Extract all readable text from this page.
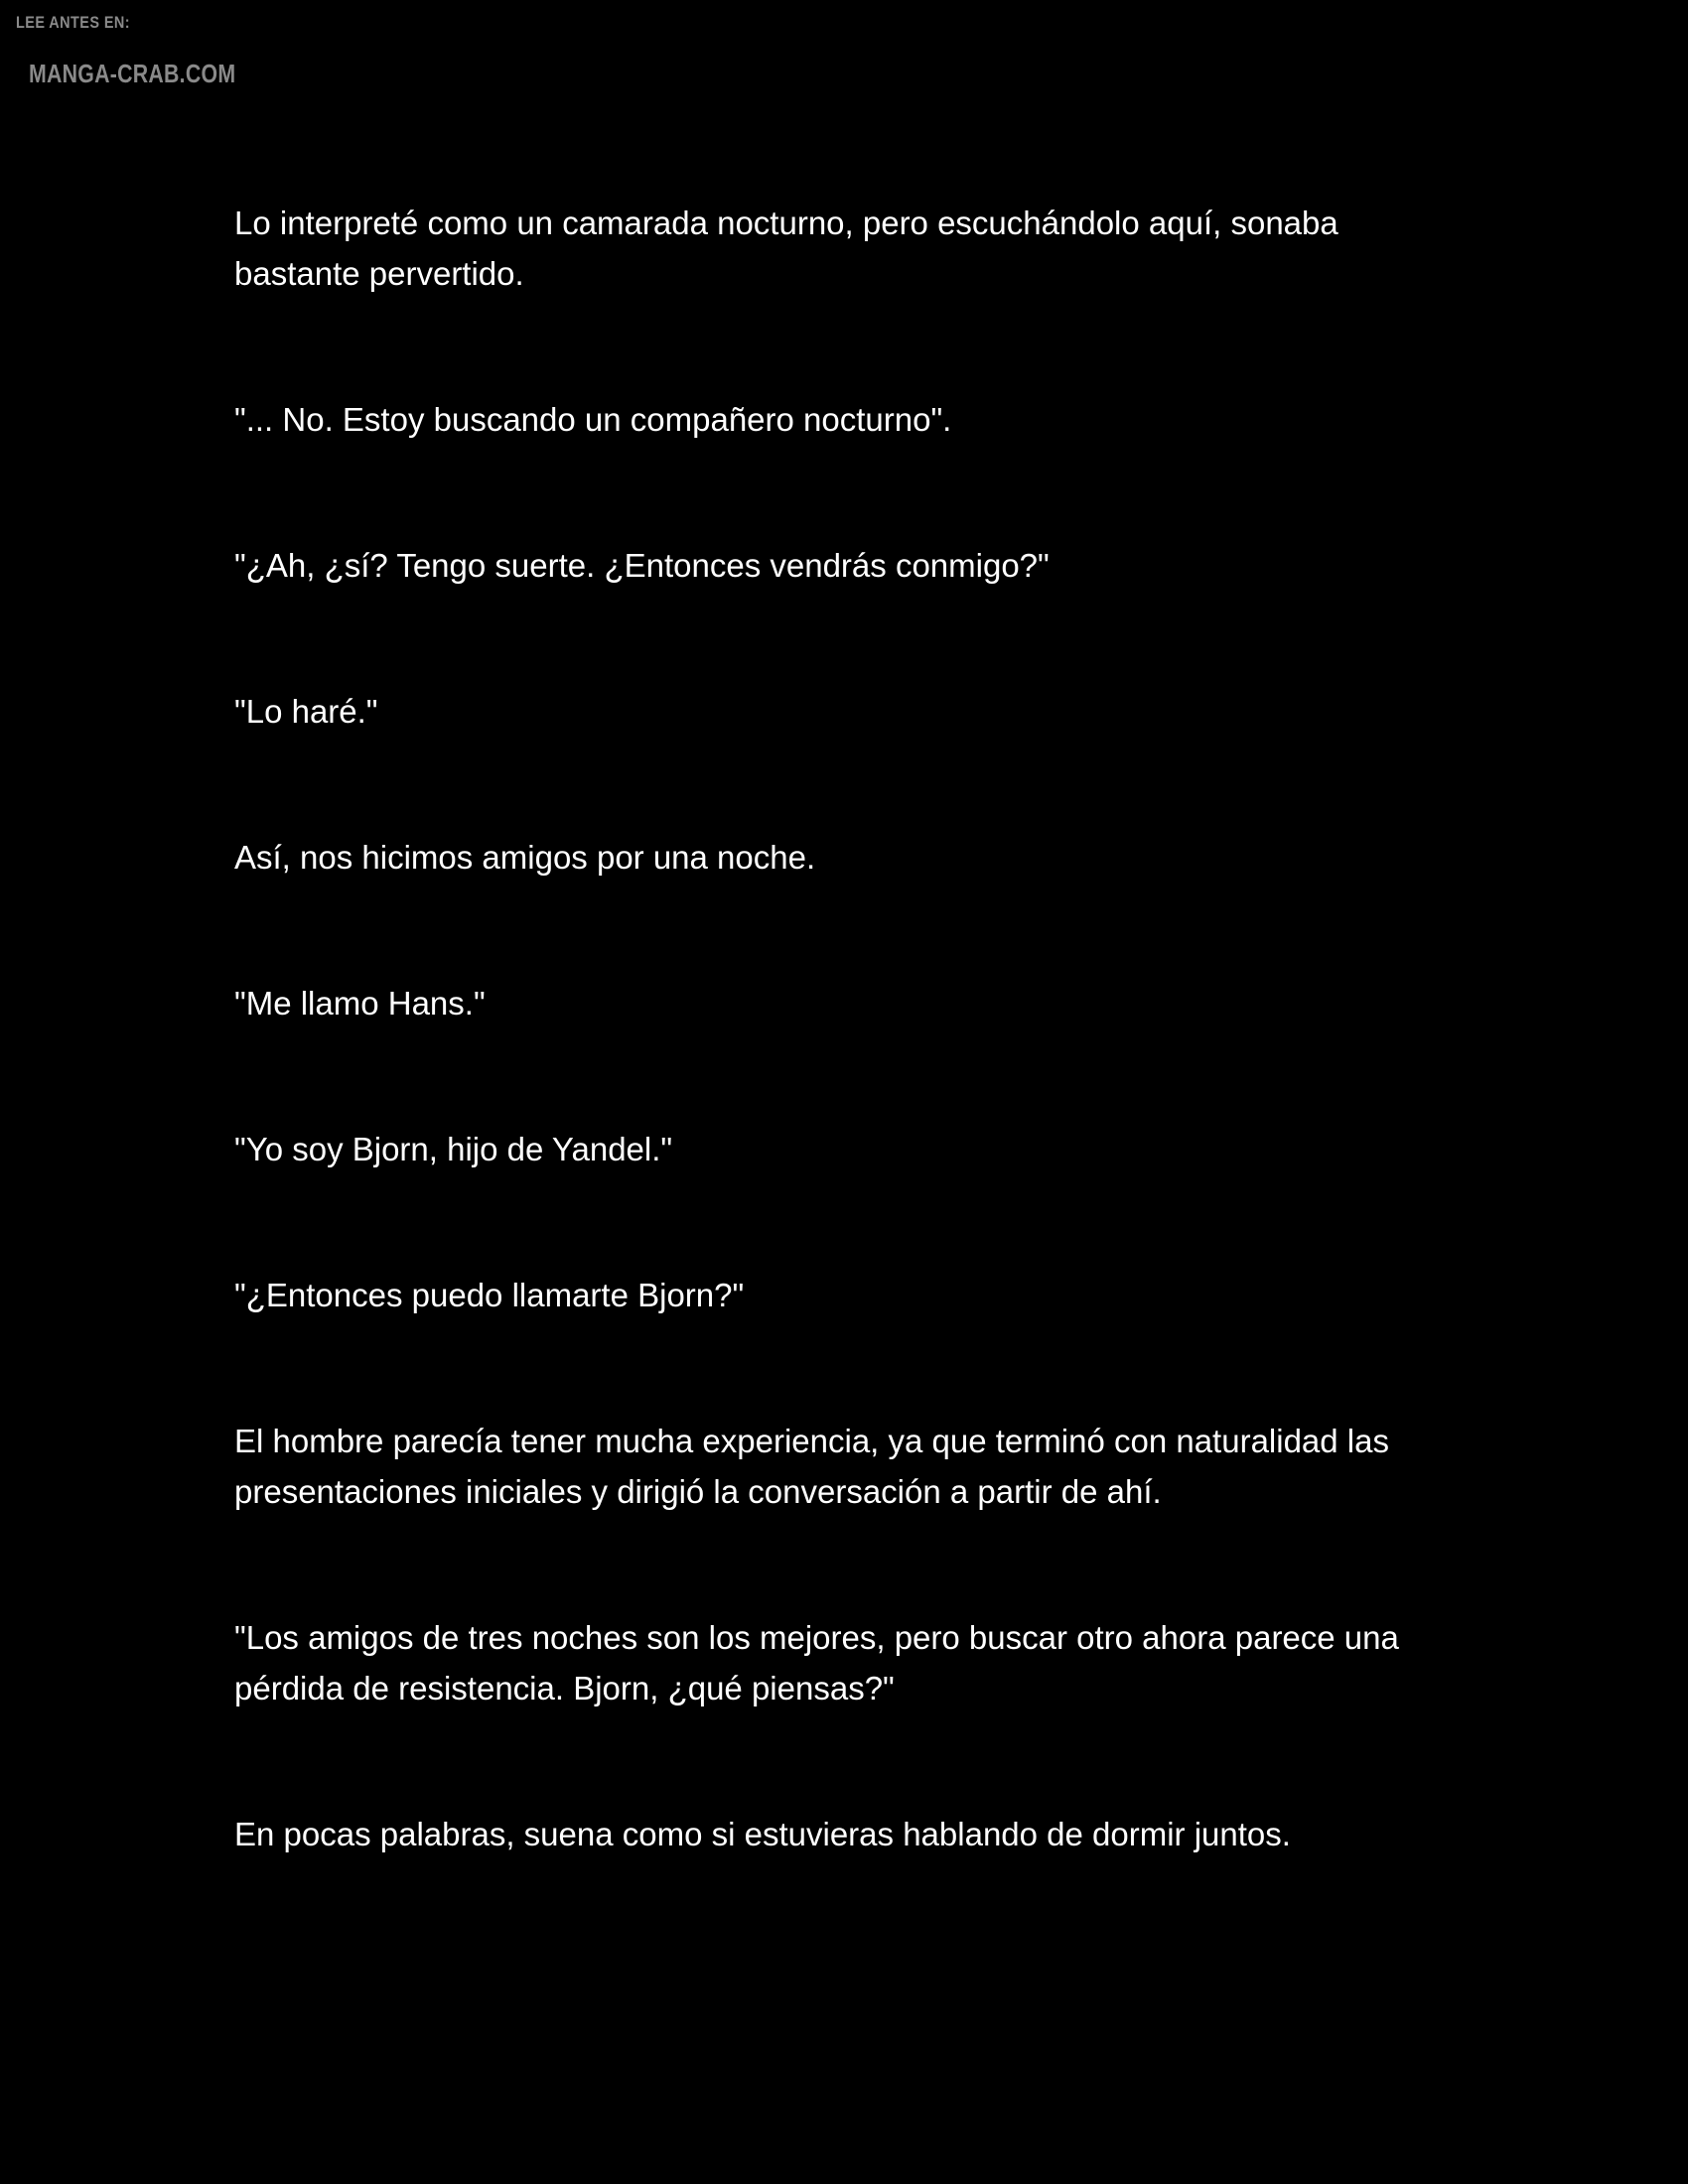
LEE ANTES EN:
MANGA-CRAB.COM

Lo interpreté como un camarada nocturno, pero escuchándolo aquí, sonaba bastante pervertido.

"... No. Estoy buscando un compañero nocturno".

"¿Ah, ¿sí? Tengo suerte. ¿Entonces vendrás conmigo?"

"Lo haré."

Así, nos hicimos amigos por una noche.

"Me llamo Hans."

"Yo soy Bjorn, hijo de Yandel."

"¿Entonces puedo llamarte Bjorn?"

El hombre parecía tener mucha experiencia, ya que terminó con naturalidad las presentaciones iniciales y dirigió la conversación a partir de ahí.

"Los amigos de tres noches son los mejores, pero buscar otro ahora parece una pérdida de resistencia. Bjorn, ¿qué piensas?"

En pocas palabras, suena como si estuvieras hablando de dormir juntos.
